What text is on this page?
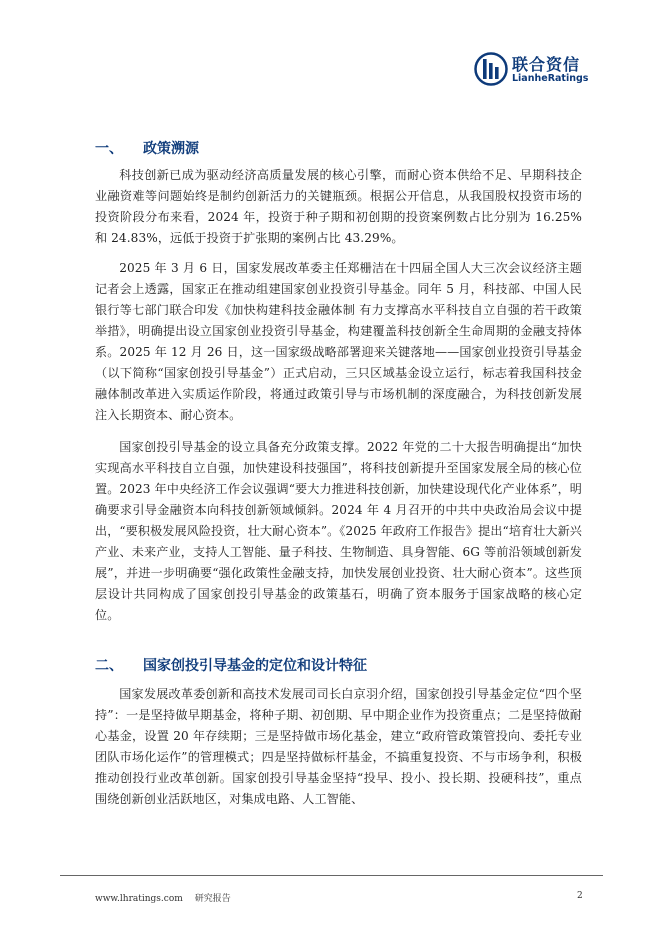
联合资信
LianheRatings
一、 政策溯源

科技创新已成为驱动经济高质量发展的核心引擎，而耐心资本供给不足、早期科技企业融资难等问题始终是制约创新活力的关键瓶颈。根据公开信息，从我国股权投资市场的投资阶段分布来看，2024 年，投资于种子期和初创期的投资案例数占比分别为 16.25%和 24.83%，远低于投资于扩张期的案例占比 43.29%。

2025 年 3 月 6 日，国家发展改革委主任郑栅洁在十四届全国人大三次会议经济主题记者会上透露，国家正在推动组建国家创业投资引导基金。同年 5 月，科技部、中国人民银行等七部门联合印发《加快构建科技金融体制 有力支撑高水平科技自立自强的若干政策举措》，明确提出设立国家创业投资引导基金，构建覆盖科技创新全生命周期的金融支持体系。2025 年 12 月 26 日，这一国家级战略部署迎来关键落地——国家创业投资引导基金（以下简称“国家创投引导基金”）正式启动，三只区域基金设立运行，标志着我国科技金融体制改革进入实质运作阶段，将通过政策引导与市场机制的深度融合，为科技创新发展注入长期资本、耐心资本。

国家创投引导基金的设立具备充分政策支撑。2022 年党的二十大报告明确提出“加快实现高水平科技自立自强，加快建设科技强国”，将科技创新提升至国家发展全局的核心位置。2023 年中央经济工作会议强调“要大力推进科技创新，加快建设现代化产业体系”，明确要求引导金融资本向科技创新领域倾斜。2024 年 4 月召开的中共中央政治局会议中提出，“要积极发展风险投资，壮大耐心资本”。《2025 年政府工作报告》提出“培育壮大新兴产业、未来产业，支持人工智能、量子科技、生物制造、具身智能、6G 等前沿领域创新发展”，并进一步明确要“强化政策性金融支持，加快发展创业投资、壮大耐心资本”。这些顶层设计共同构成了国家创投引导基金的政策基石，明确了资本服务于国家战略的核心定位。

二、 国家创投引导基金的定位和设计特征

国家发展改革委创新和高技术发展司司长白京羽介绍，国家创投引导基金定位“四个坚持”：一是坚持做早期基金，将种子期、初创期、早中期企业作为投资重点；二是坚持做耐心基金，设置 20 年存续期；三是坚持做市场化基金，建立“政府管政策管投向、委托专业团队市场化运作”的管理模式；四是坚持做标杆基金，不搞重复投资、不与市场争利，积极推动创投行业改革创新。国家创投引导基金坚持“投早、投小、投长期、投硬科技”，重点围绕创新创业活跃地区，对集成电路、人工智能、

www.lhratings.com 研究报告	2
